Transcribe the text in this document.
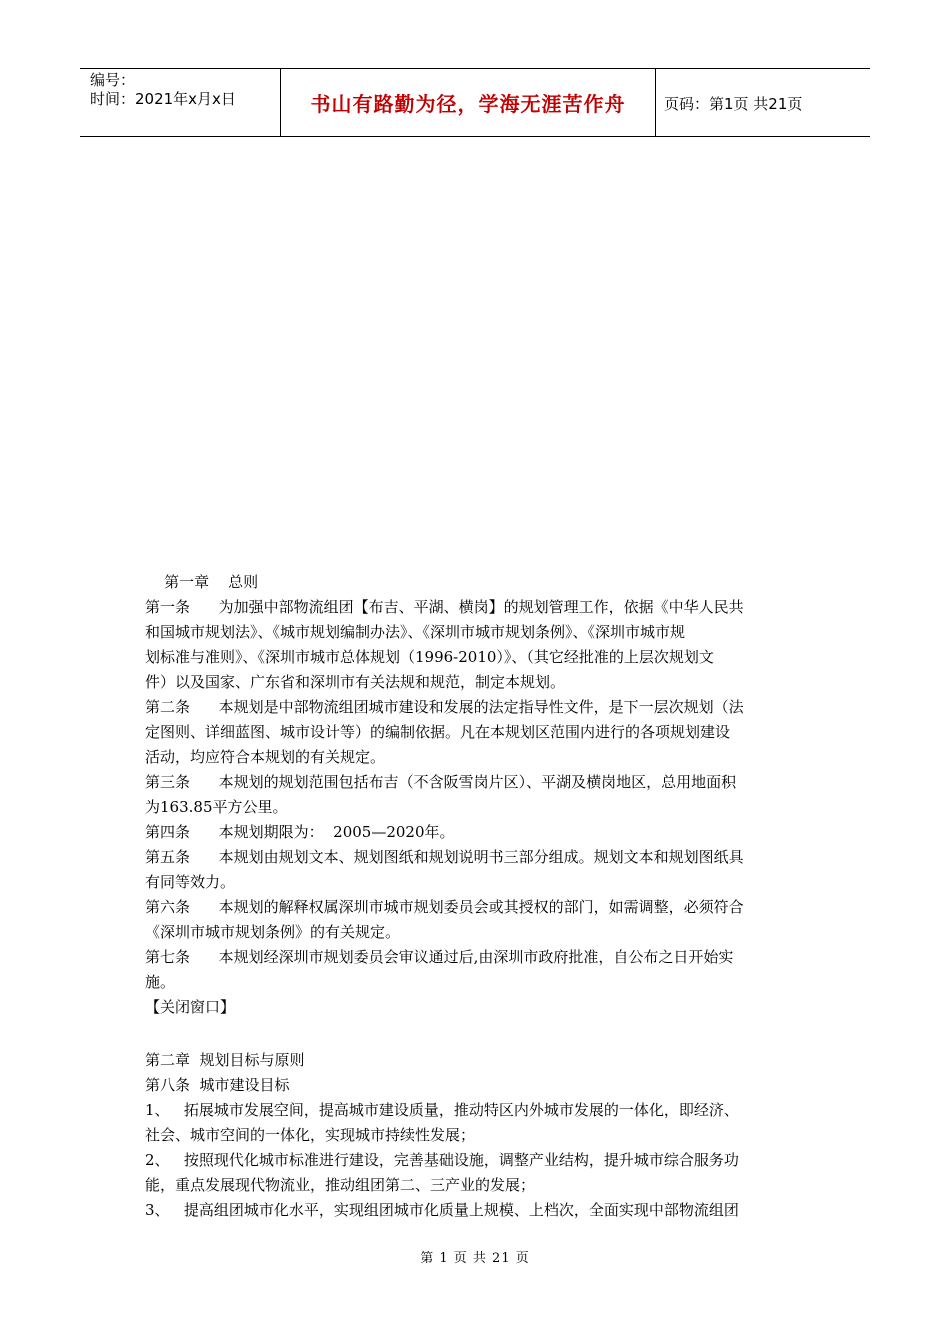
编号：
时间：2021年x月x日	书山有路勤为径，学海无涯苦作舟	页码：第1页 共21页
第一章    总则
第一条      为加强中部物流组团【布吉、平湖、横岗】的规划管理工作，依据《中华人民共
和国城市规划法》、《城市规划编制办法》、《深圳市城市规划条例》、《深圳市城市规
划标准与准则》、《深圳市城市总体规划（1996-2010）》、（其它经批准的上层次规划文
件）以及国家、广东省和深圳市有关法规和规范，制定本规划。
第二条      本规划是中部物流组团城市建设和发展的法定指导性文件，是下一层次规划（法
定图则、详细蓝图、城市设计等）的编制依据。凡在本规划区范围内进行的各项规划建设
活动，均应符合本规划的有关规定。
第三条      本规划的规划范围包括布吉（不含阪雪岗片区）、平湖及横岗地区，总用地面积
为163.85平方公里。
第四条      本规划期限为：  2005—2020年。
第五条      本规划由规划文本、规划图纸和规划说明书三部分组成。规划文本和规划图纸具
有同等效力。
第六条      本规划的解释权属深圳市城市规划委员会或其授权的部门，如需调整，必须符合
《深圳市城市规划条例》的有关规定。
第七条      本规划经深圳市规划委员会审议通过后,由深圳市政府批准，自公布之日开始实
施。
【关闭窗口】
第二章  规划目标与原则
第八条  城市建设目标
1、   拓展城市发展空间，提高城市建设质量，推动特区内外城市发展的一体化，即经济、
社会、城市空间的一体化，实现城市持续性发展；
2、   按照现代化城市标准进行建设，完善基础设施，调整产业结构，提升城市综合服务功
能，重点发展现代物流业，推动组团第二、三产业的发展；
3、   提高组团城市化水平，实现组团城市化质量上规模、上档次，全面实现中部物流组团
第 1 页 共 21 页
